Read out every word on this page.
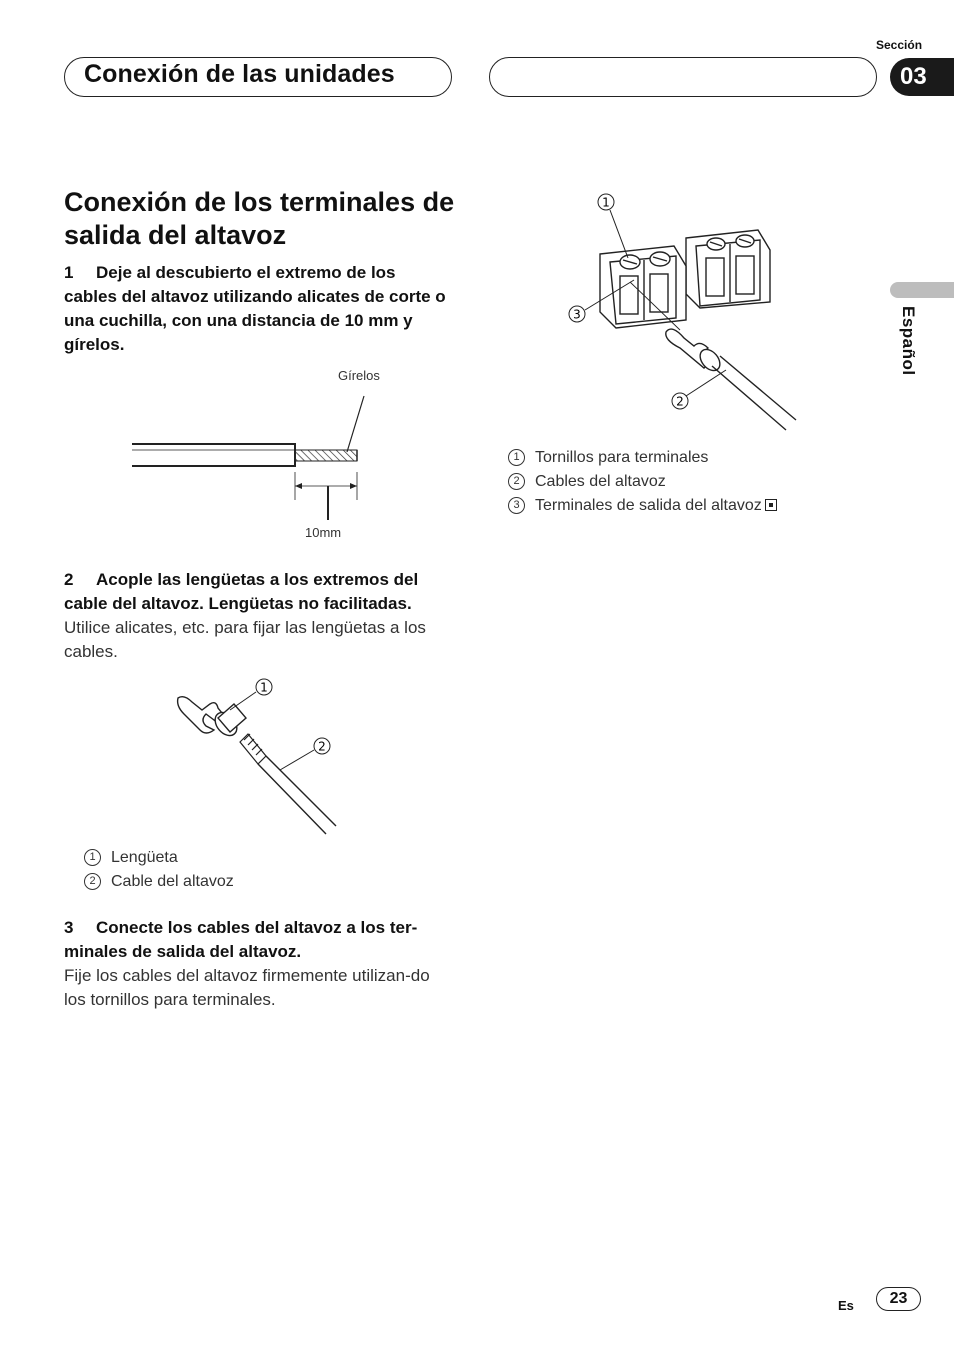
Conexión de las unidades
Sección
03
Español
Conexión de los terminales de salida del altavoz
1 Deje al descubierto el extremo de los cables del altavoz utilizando alicates de corte o una cuchilla, con una distancia de 10 mm y gírelos.
Gírelos
10mm
2 Acople las lengüetas a los extremos del cable del altavoz. Lengüetas no facilitadas.
Utilice alicates, etc. para fijar las lengüetas a los cables.
1
2
1 Lengüeta
2 Cable del altavoz
3 Conecte los cables del altavoz a los ter-minales de salida del altavoz.
Fije los cables del altavoz firmemente utilizan-do los tornillos para terminales.
1
3
2
1 Tornillos para terminales
2 Cables del altavoz
3 Terminales de salida del altavoz
Es	23
